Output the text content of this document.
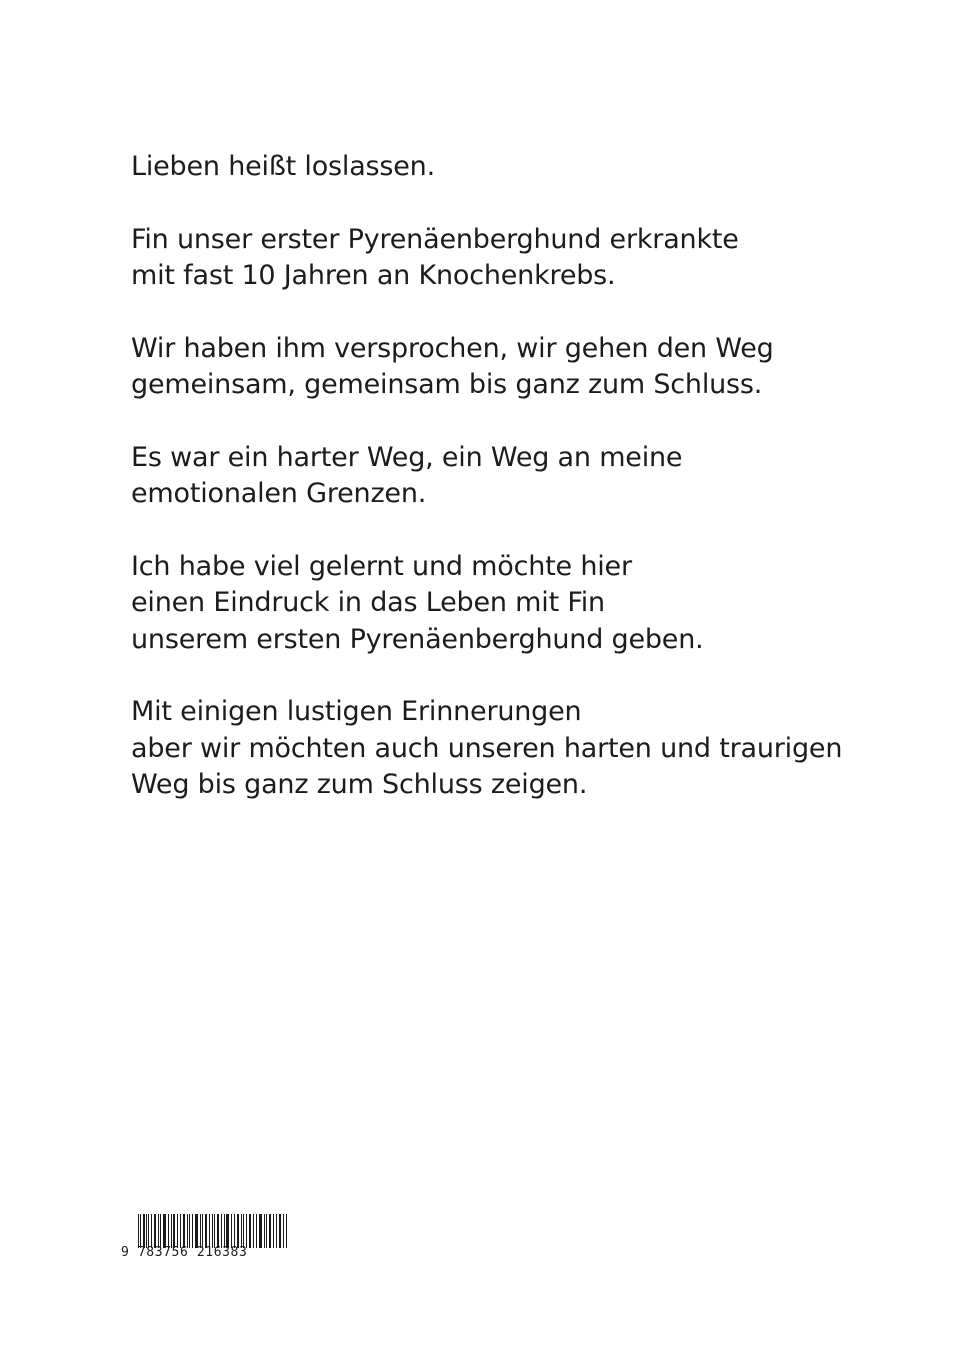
Lieben heißt loslassen.

Fin unser erster Pyrenäenberghund erkrankte
mit fast 10 Jahren an Knochenkrebs.

Wir haben ihm versprochen, wir gehen den Weg
gemeinsam, gemeinsam bis ganz zum Schluss.

Es war ein harter Weg, ein Weg an meine
emotionalen Grenzen.

Ich habe viel gelernt und möchte hier
einen Eindruck in das Leben mit Fin
unserem ersten Pyrenäenberghund geben.

Mit einigen lustigen Erinnerungen
aber wir möchten auch unseren harten und traurigen
Weg bis ganz zum Schluss zeigen.

9 783756 216383
